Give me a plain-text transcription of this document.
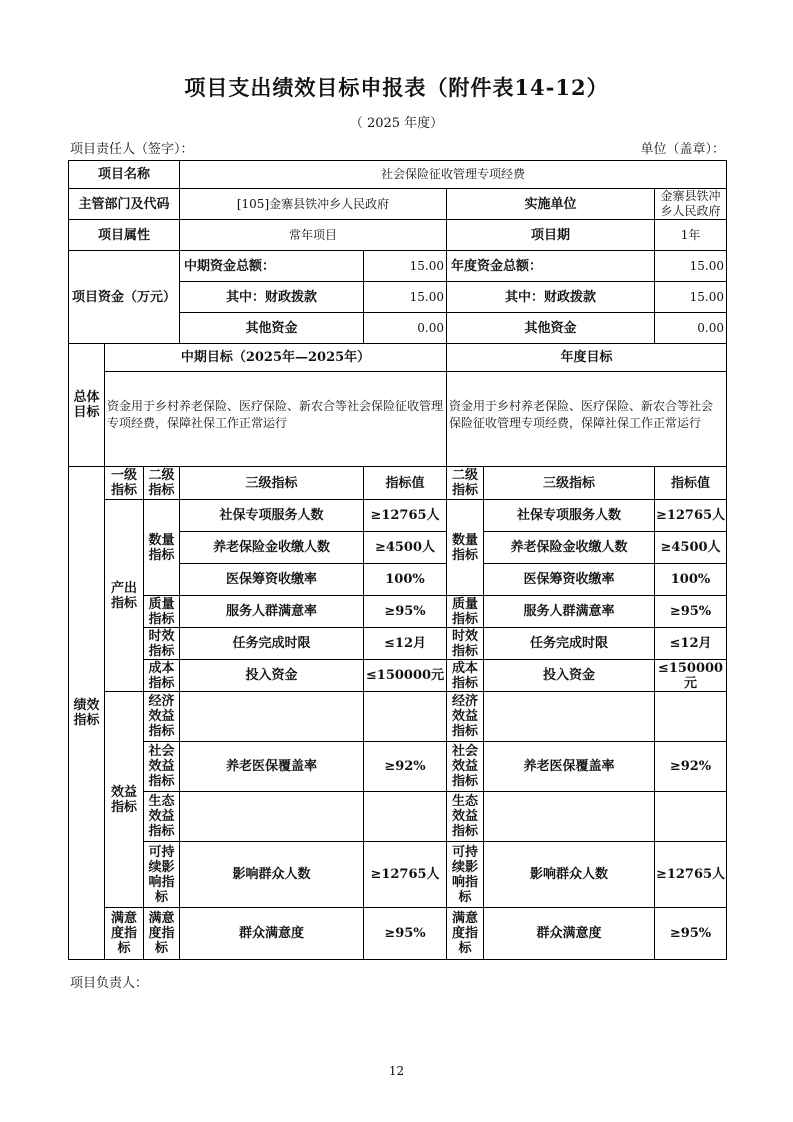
项目支出绩效目标申报表（附件表14-12）
（ 2025 年度）
项目责任人（签字）：	单位（盖章）：
项目名称			社会保险征收管理专项经费				
主管部门及代码			[105]金寨县铁冲乡人民政府		实施单位		金寨县铁冲乡人民政府
项目属性			常年项目		项目期		1年
项目资金（万元）			中期资金总额：	15.00	年度资金总额：		15.00
			其中：财政拨款	15.00	其中：财政拨款		15.00
			其他资金	0.00	其他资金		0.00
总体目标	中期目标（2025年—2025年）				年度目标		
	资金用于乡村养老保险、医疗保险、新农合等社会保险征收管理专项经费，保障社保工作正常运行				资金用于乡村养老保险、医疗保险、新农合等社会保险征收管理专项经费，保障社保工作正常运行		
绩效指标	一级指标	二级指标	三级指标	指标值	二级指标	三级指标	指标值
	产出指标	数量指标	社保专项服务人数	≥12765人	数量指标	社保专项服务人数	≥12765人
			养老保险金收缴人数	≥4500人		养老保险金收缴人数	≥4500人
			医保筹资收缴率	100%		医保筹资收缴率	100%
		质量指标	服务人群满意率	≥95%	质量指标	服务人群满意率	≥95%
		时效指标	任务完成时限	≤12月	时效指标	任务完成时限	≤12月
		成本指标	投入资金	≤150000元	成本指标	投入资金	≤150000元
	效益指标	经济效益指标			经济效益指标		
		社会效益指标	养老医保覆盖率	≥92%	社会效益指标	养老医保覆盖率	≥92%
		生态效益指标			生态效益指标		
		可持续影响指标	影响群众人数	≥12765人	可持续影响指标	影响群众人数	≥12765人
	满意度指标	满意度指标	群众满意度	≥95%	满意度指标	群众满意度	≥95%
项目负责人：
12
